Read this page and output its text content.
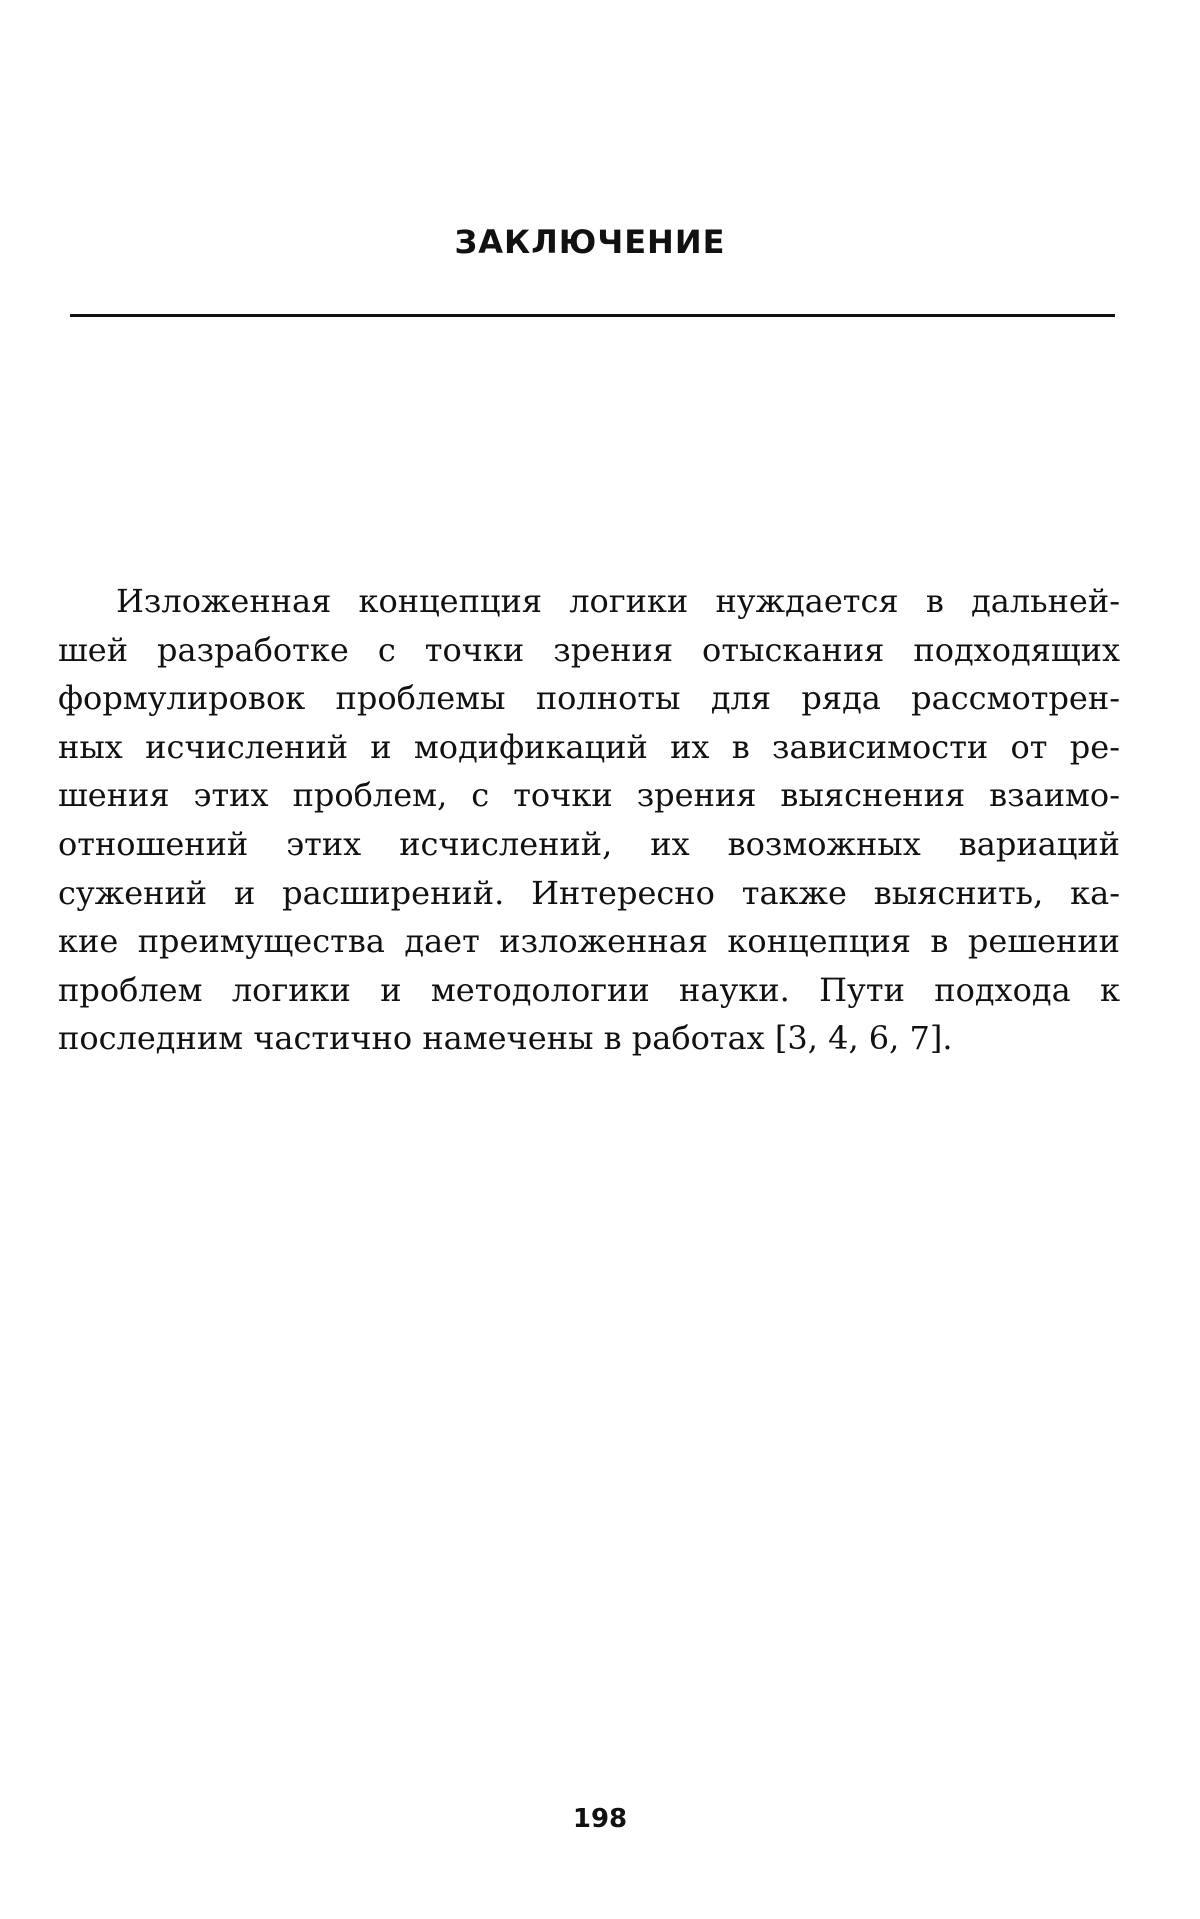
ЗАКЛЮЧЕНИЕ

Изложенная концепция логики нуждается в дальней-
шей разработке с точки зрения отыскания подходящих
формулировок проблемы полноты для ряда рассмотрен-
ных исчислений и модификаций их в зависимости от ре-
шения этих проблем, с точки зрения выяснения взаимо-
отношений этих исчислений, их возможных вариаций
сужений и расширений. Интересно также выяснить, ка-
кие преимущества дает изложенная концепция в решении
проблем логики и методологии науки. Пути подхода к
последним частично намечены в работах [3, 4, 6, 7].

198
